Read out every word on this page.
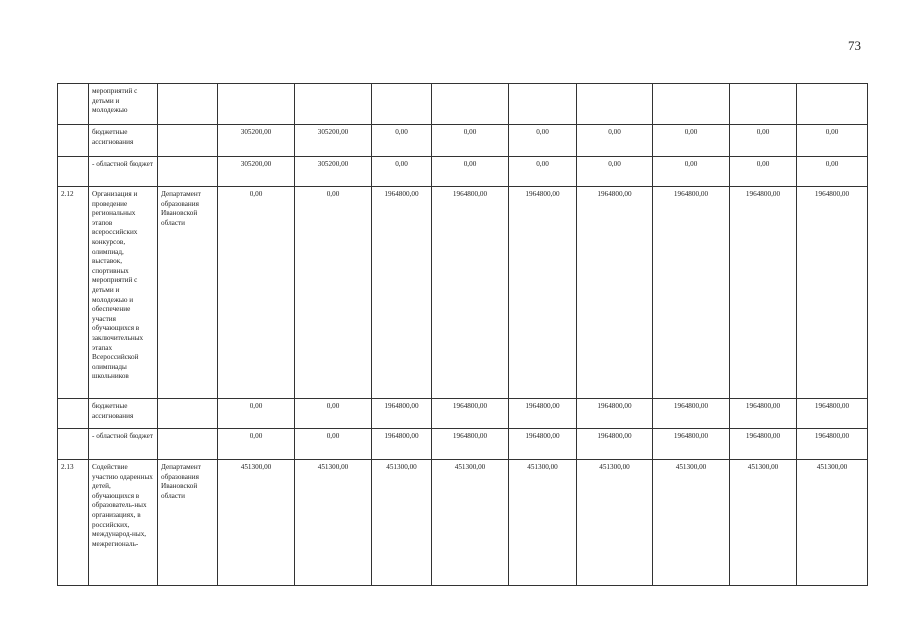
73
	мероприятий с детьми и молодежью										
	бюджетные ассигнования		305200,00	305200,00	0,00	0,00	0,00	0,00	0,00	0,00	0,00
	- областной бюджет		305200,00	305200,00	0,00	0,00	0,00	0,00	0,00	0,00	0,00
2.12	Организация и проведение региональных этапов всероссийских конкурсов, олимпиад, выставок, спортивных мероприятий с детьми и молодежью и обеспечение участия обучающихся в заключительных этапах Всероссийской олимпиады школьников	Департамент образования Ивановской области	0,00	0,00	1964800,00	1964800,00	1964800,00	1964800,00	1964800,00	1964800,00	1964800,00
	бюджетные ассигнования		0,00	0,00	1964800,00	1964800,00	1964800,00	1964800,00	1964800,00	1964800,00	1964800,00
	- областной бюджет		0,00	0,00	1964800,00	1964800,00	1964800,00	1964800,00	1964800,00	1964800,00	1964800,00
2.13	Содействие участию одаренных детей, обучающихся в образователь-ных организациях, в российских, международ-ных, межрегиональ-	Департамент образования Ивановской области	451300,00	451300,00	451300,00	451300,00	451300,00	451300,00	451300,00	451300,00	451300,00
